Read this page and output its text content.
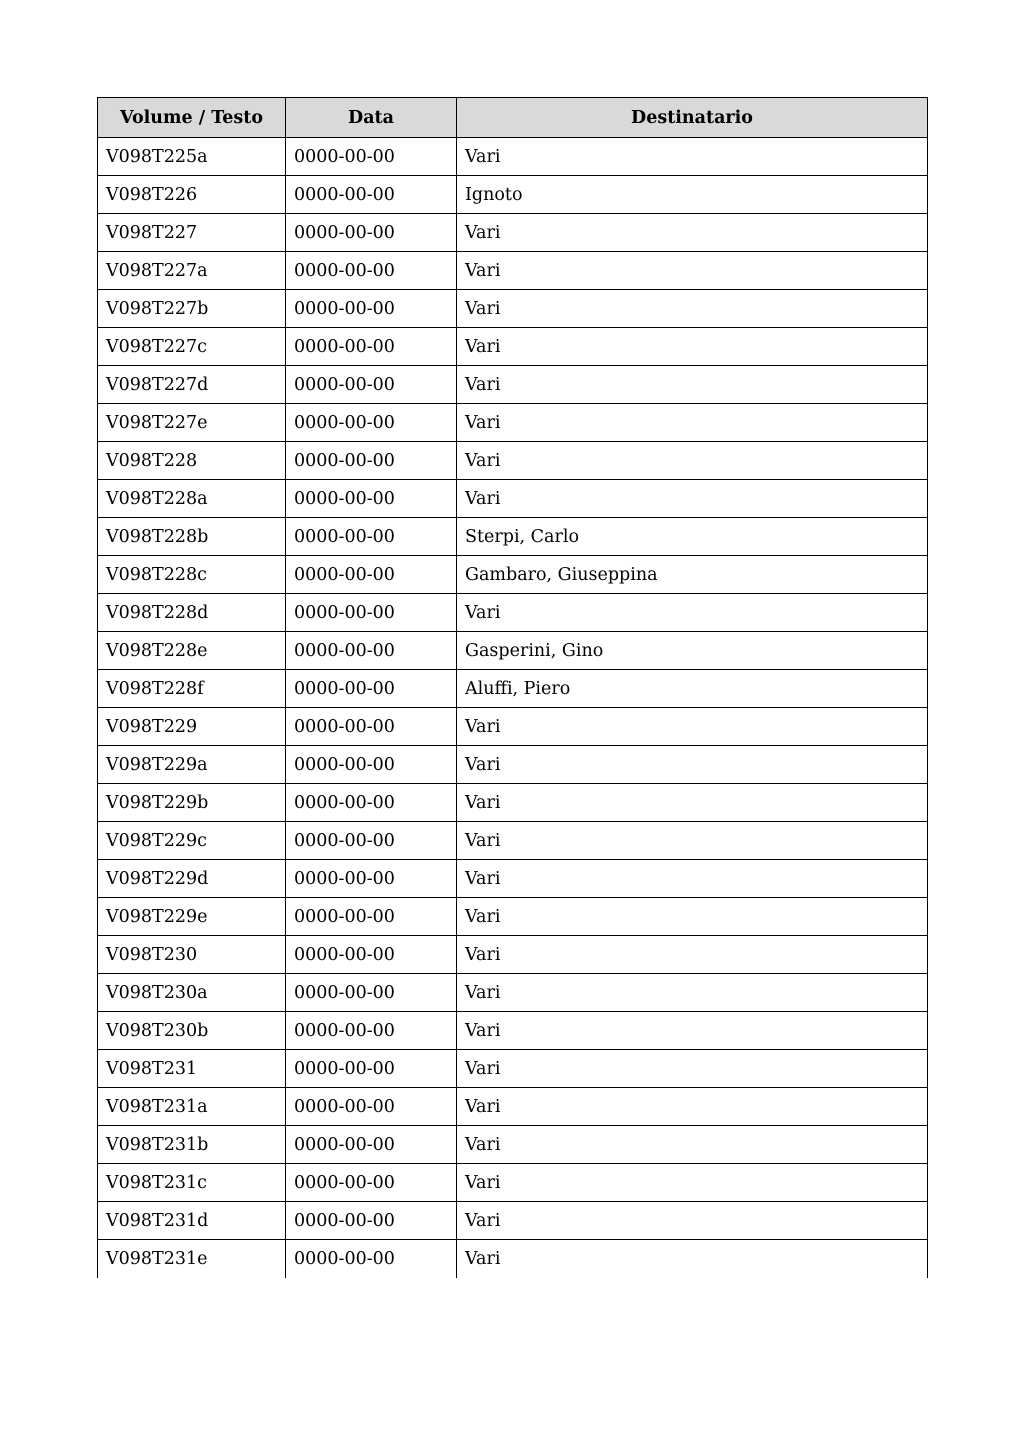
Volume / Testo	Data	Destinatario
V098T225a	0000-00-00	Vari
V098T226	0000-00-00	Ignoto
V098T227	0000-00-00	Vari
V098T227a	0000-00-00	Vari
V098T227b	0000-00-00	Vari
V098T227c	0000-00-00	Vari
V098T227d	0000-00-00	Vari
V098T227e	0000-00-00	Vari
V098T228	0000-00-00	Vari
V098T228a	0000-00-00	Vari
V098T228b	0000-00-00	Sterpi, Carlo
V098T228c	0000-00-00	Gambaro, Giuseppina
V098T228d	0000-00-00	Vari
V098T228e	0000-00-00	Gasperini, Gino
V098T228f	0000-00-00	Aluffi, Piero
V098T229	0000-00-00	Vari
V098T229a	0000-00-00	Vari
V098T229b	0000-00-00	Vari
V098T229c	0000-00-00	Vari
V098T229d	0000-00-00	Vari
V098T229e	0000-00-00	Vari
V098T230	0000-00-00	Vari
V098T230a	0000-00-00	Vari
V098T230b	0000-00-00	Vari
V098T231	0000-00-00	Vari
V098T231a	0000-00-00	Vari
V098T231b	0000-00-00	Vari
V098T231c	0000-00-00	Vari
V098T231d	0000-00-00	Vari
V098T231e	0000-00-00	Vari
